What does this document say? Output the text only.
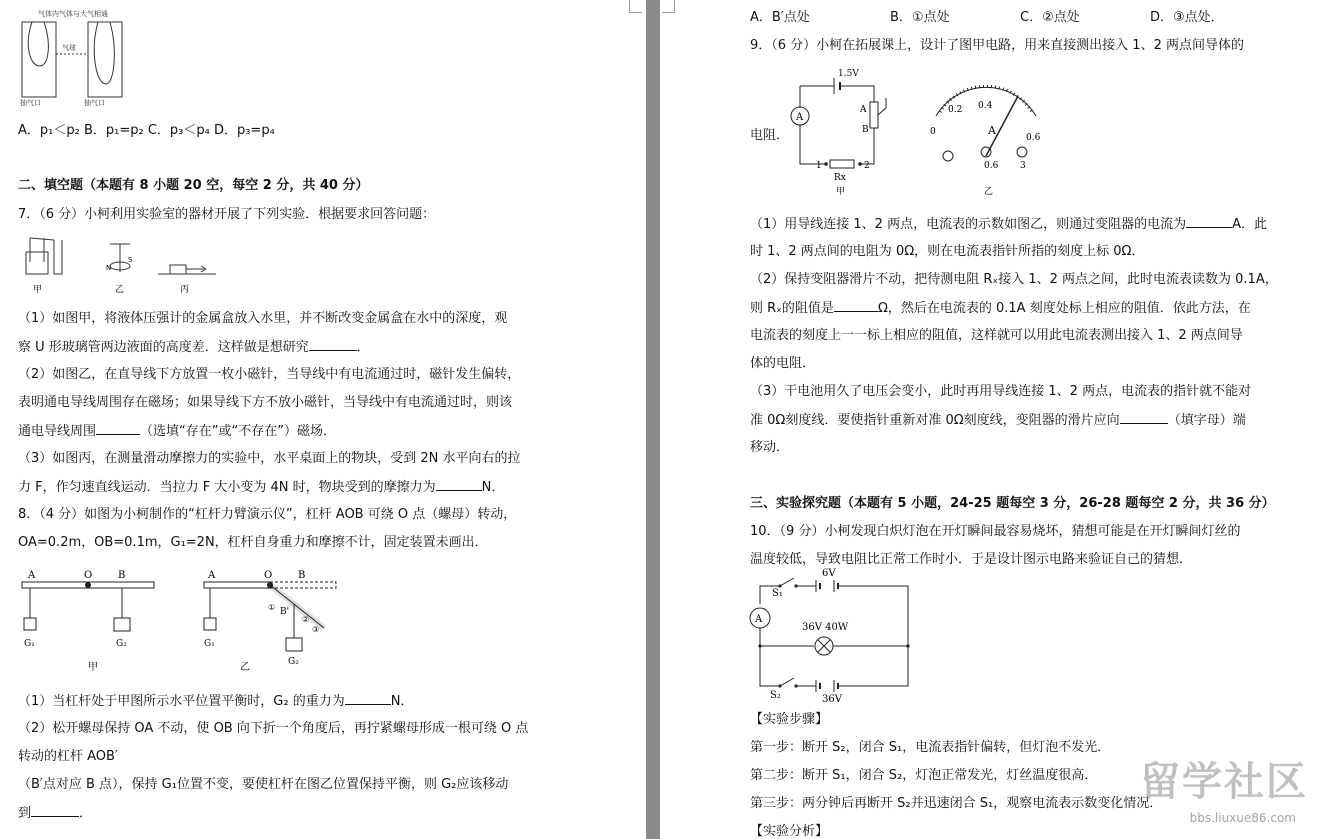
气体内气体与大气相通
气球
抽气口	抽气口
A．p₁＜p₂ B．p₁=p₂ C．p₃＜p₄ D．p₃=p₄
二、填空题（本题有 8 小题 20 空，每空 2 分，共 40 分）
7．（6 分）小柯利用实验室的器材开展了下列实验．根据要求回答问题：
甲
N
S
乙	丙
（1）如图甲，将液体压强计的金属盒放入水里，并不断改变金属盒在水中的深度，观
察 U 形玻璃管两边液面的高度差．这样做是想研究	．
（2）如图乙，在直导线下方放置一枚小磁针，当导线中有电流通过时，磁针发生偏转，
表明通电导线周围存在磁场；如果导线下方不放小磁针，当导线中有电流通过时，则该
通电导线周围	（选填“存在”或“不存在”）磁场．
（3）如图丙，在测量滑动摩擦力的实验中，水平桌面上的物块，受到 2N 水平向右的拉
力 F，作匀速直线运动．当拉力 F 大小变为 4N 时，物块受到的摩擦力为	N．
8．（4 分）如图为小柯制作的“杠杆力臂演示仪”，杠杆 AOB 可绕 O 点（螺母）转动，
OA=0.2m，OB=0.1m，G₁=2N，杠杆自身重力和摩擦不计，固定装置未画出．
A	O	B
G₁	G₂
甲
A	O	B
B'
G₁
G₂
①
②
③
乙
（1）当杠杆处于甲图所示水平位置平衡时，G₂ 的重力为	N．
（2）松开螺母保持 OA 不动，使 OB 向下折一个角度后，再拧紧螺母形成一根可绕 O 点
转动的杠杆 AOB′
（B′点对应 B 点），保持 G₁位置不变，要使杠杆在图乙位置保持平衡，则 G₂应该移动
到	．
A．B′点处	B．①点处	C．②点处	D．③点处．
9．（6 分）小柯在拓展课上，设计了图甲电路，用来直接测出接入 1、2 两点间导体的
电阻．
1.5V
A
B
A
1	2
Rx
甲
0
0.2 0.4
0.6
A
0.6 3
乙
（1）用导线连接 1、2 两点，电流表的示数如图乙，则通过变阻器的电流为	A．此
时 1、2 两点间的电阻为 0Ω，则在电流表指针所指的刻度上标 0Ω．
（2）保持变阻器滑片不动，把待测电阻 Rₓ接入 1、2 两点之间，此时电流表读数为 0.1A，
则 Rₓ的阻值是	Ω，然后在电流表的 0.1A 刻度处标上相应的阻值．依此方法，在
电流表的刻度上一一标上相应的阻值，这样就可以用此电流表测出接入 1、2 两点间导
体的电阻．
（3）干电池用久了电压会变小，此时再用导线连接 1、2 两点，电流表的指针就不能对
准 0Ω刻度线．要使指针重新对准 0Ω刻度线，变阻器的滑片应向	（填字母）端
移动．
三、实验探究题（本题有 5 小题，24-25 题每空 3 分，26-28 题每空 2 分，共 36 分）
10．（9 分）小柯发现白炽灯泡在开灯瞬间最容易烧坏，猜想可能是在开灯瞬间灯丝的
温度较低，导致电阻比正常工作时小．于是设计图示电路来验证自己的猜想．
S₁
6V
A
36V 40W
S₂	36V
【实验步骤】
第一步：断开 S₂，闭合 S₁，电流表指针偏转，但灯泡不发光．
第二步：断开 S₁，闭合 S₂，灯泡正常发光，灯丝温度很高．
第三步：两分钟后再断开 S₂并迅速闭合 S₁，观察电流表示数变化情况．
【实验分析】
留学社区
bbs.liuxue86.com
